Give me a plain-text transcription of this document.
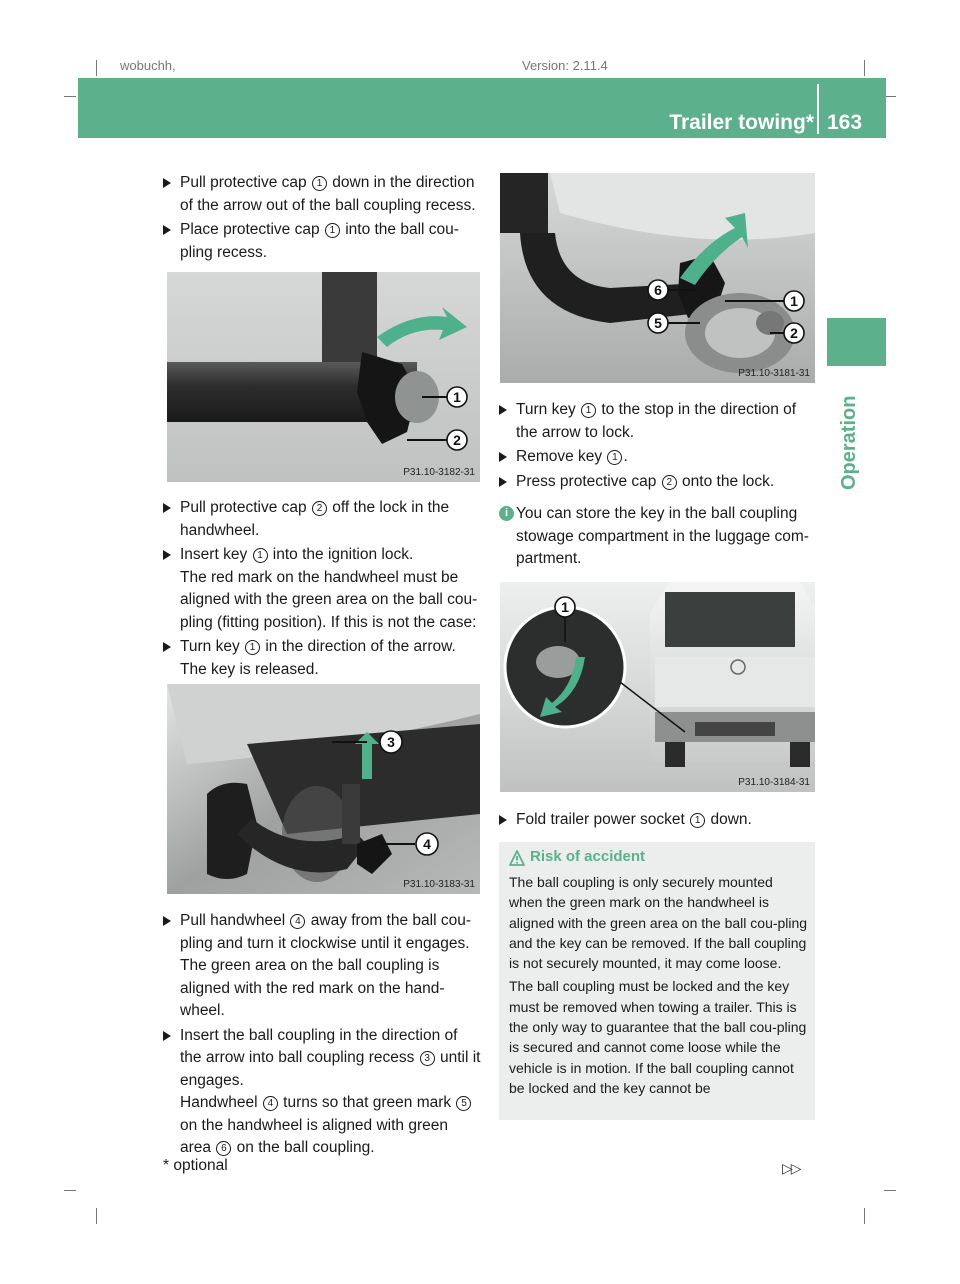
wobuchh,	Version: 2.11.4
Trailer towing* 163
Operation
Pull protective cap 1 down in the direction of the arrow out of the ball coupling recess.
Place protective cap 1 into the ball cou-pling recess.
1
2
P31.10-3182-31
Pull protective cap 2 off the lock in the handwheel.
Insert key 1 into the ignition lock.
The red mark on the handwheel must be aligned with the green area on the ball cou-pling (fitting position). If this is not the case:
Turn key 1 in the direction of the arrow.
The key is released.
3
4
P31.10-3183-31
Pull handwheel 4 away from the ball cou-pling and turn it clockwise until it engages.
The green area on the ball coupling is aligned with the red mark on the hand-wheel.
Insert the ball coupling in the direction of the arrow into ball coupling recess 3 until it engages.
Handwheel 4 turns so that green mark 5 on the handwheel is aligned with green area 6 on the ball coupling.
6
5
1
2
P31.10-3181-31
Turn key 1 to the stop in the direction of the arrow to lock.
Remove key 1 .
Press protective cap 2 onto the lock.
i You can store the key in the ball coupling stowage compartment in the luggage com-partment.
1
P31.10-3184-31
Fold trailer power socket 1 down.
Risk of accident

The ball coupling is only securely mounted when the green mark on the handwheel is aligned with the green area on the ball cou-pling and the key can be removed. If the ball coupling is not securely mounted, it may come loose.

The ball coupling must be locked and the key must be removed when towing a trailer. This is the only way to guarantee that the ball cou-pling is secured and cannot come loose while the vehicle is in motion. If the ball coupling cannot be locked and the key cannot be

* optional	▷▷
